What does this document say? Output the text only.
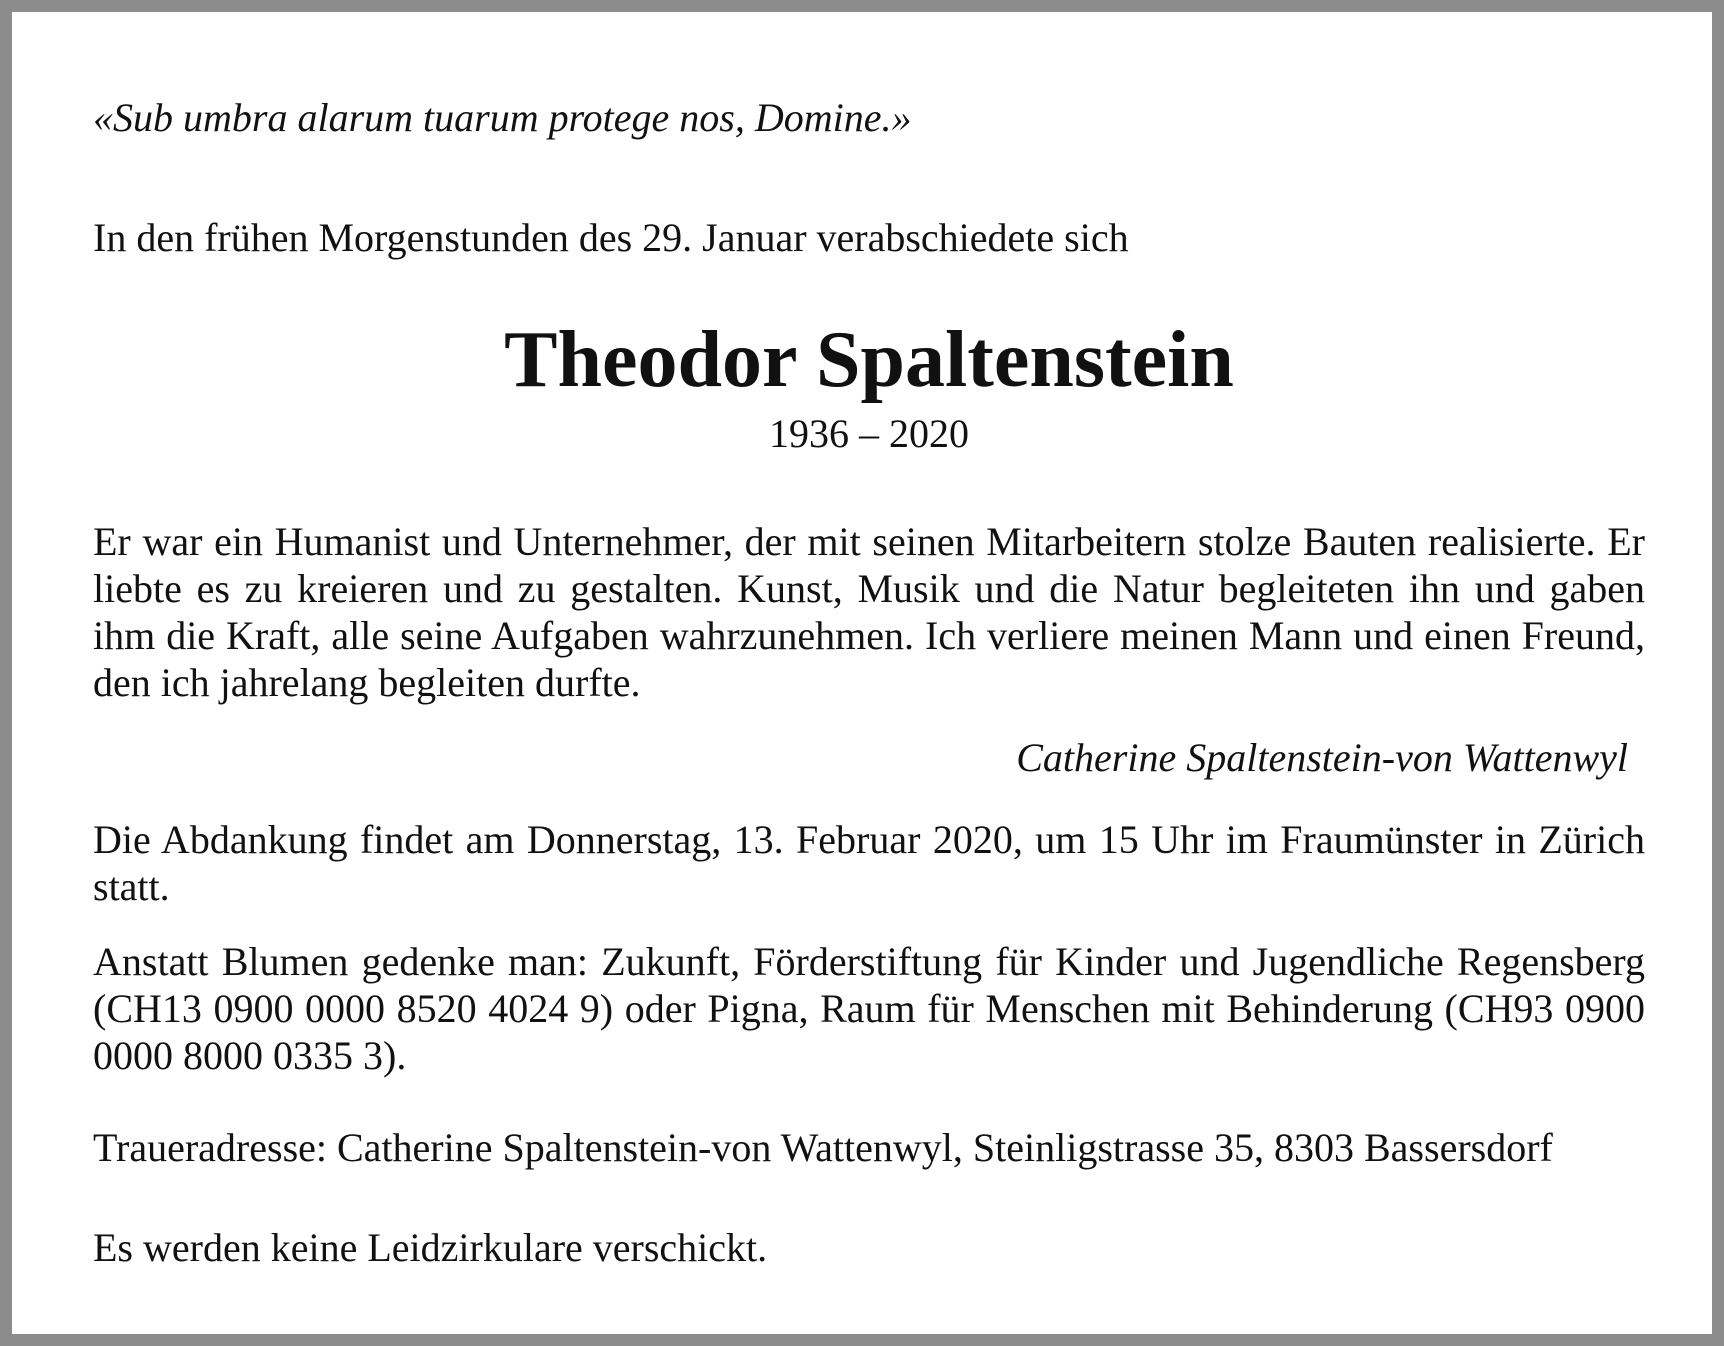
«Sub umbra alarum tuarum protege nos, Domine.»
In den frühen Morgenstunden des 29. Januar verabschiedete sich
Theodor Spaltenstein
1936 – 2020
Er war ein Humanist und Unternehmer, der mit seinen Mitarbeitern stolze Bauten realisierte. Er liebte es zu kreieren und zu gestalten. Kunst, Musik und die Natur begleiteten ihn und gaben ihm die Kraft, alle seine Aufgaben wahrzunehmen. Ich verliere meinen Mann und einen Freund, den ich jahrelang begleiten durfte.
Catherine Spaltenstein-von Wattenwyl
Die Abdankung findet am Donnerstag, 13. Februar 2020, um 15 Uhr im Fraumünster in Zürich statt.
Anstatt Blumen gedenke man: Zukunft, Förderstiftung für Kinder und Jugendliche Regensberg (CH13 0900 0000 8520 4024 9) oder Pigna, Raum für Menschen mit Behinderung (CH93 0900 0000 8000 0335 3).
Traueradresse: Catherine Spaltenstein-von Wattenwyl, Steinligstrasse 35, 8303 Bassersdorf
Es werden keine Leidzirkulare verschickt.
